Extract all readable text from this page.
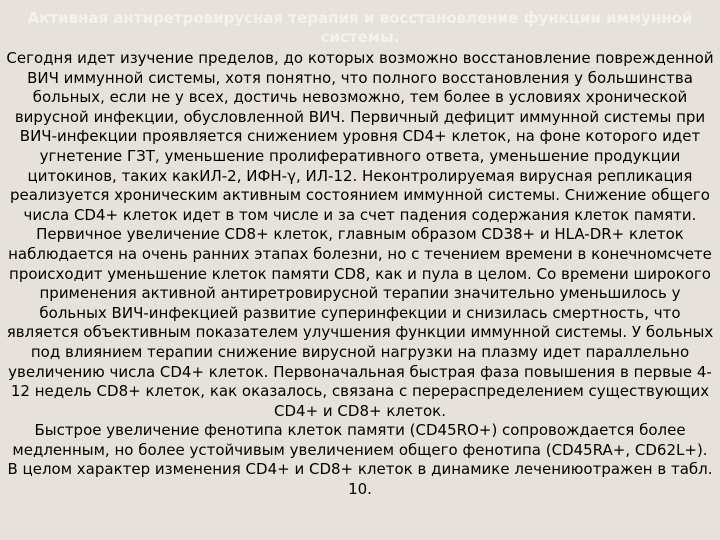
Активная антиретровирусная терапия и восстановление функции иммунной системы.

Сегодня идет изучение пределов, до которых возможно восстановление поврежденной ВИЧ иммунной системы, хотя понятно, что полного восстановления у большинства больных, если не у всех, достичь невозможно, тем более в условиях хронической вирусной инфекции, обусловленной ВИЧ. Первичный дефицит иммунной системы при ВИЧ-инфекции проявляется снижением уровня CD4+ клеток, на фоне которого идет угнетение ГЗТ, уменьшение пролиферативного ответа, уменьшение продукции цитокинов, таких какИЛ-2, ИФН-γ, ИЛ-12. Неконтролируемая вирусная репликация реализуется хроническим активным состоянием иммунной системы. Снижение общего числа CD4+ клеток идет в том числе и за счет падения содержания клеток памяти. Первичное увеличение CD8+ клеток, главным образом CD38+ и HLA-DR+ клеток наблюдается на очень ранних этапах болезни, но с течением времени в конечномсчете происходит уменьшение клеток памяти CD8, как и пула в целом. Со времени широкого применения активной антиретровирусной терапии значительно уменьшилось у больных ВИЧ-инфекцией развитие суперинфекции и снизилась смертность, что является объективным показателем улучшения функции иммунной системы. У больных под влиянием терапии снижение вирусной нагрузки на плазму идет параллельно увеличению числа CD4+ клеток. Первоначальная быстрая фаза повышения в первые 4-12 недель CD8+ клеток, как оказалось, связана с перераспределением существующих CD4+ и CD8+ клеток.

Быстрое увеличение фенотипа клеток памяти (CD45RO+) сопровождается более медленным, но более устойчивым увеличением общего фенотипа (CD45RA+, CD62L+). В целом характер изменения CD4+ и CD8+ клеток в динамике лечениюотражен в табл. 10.
